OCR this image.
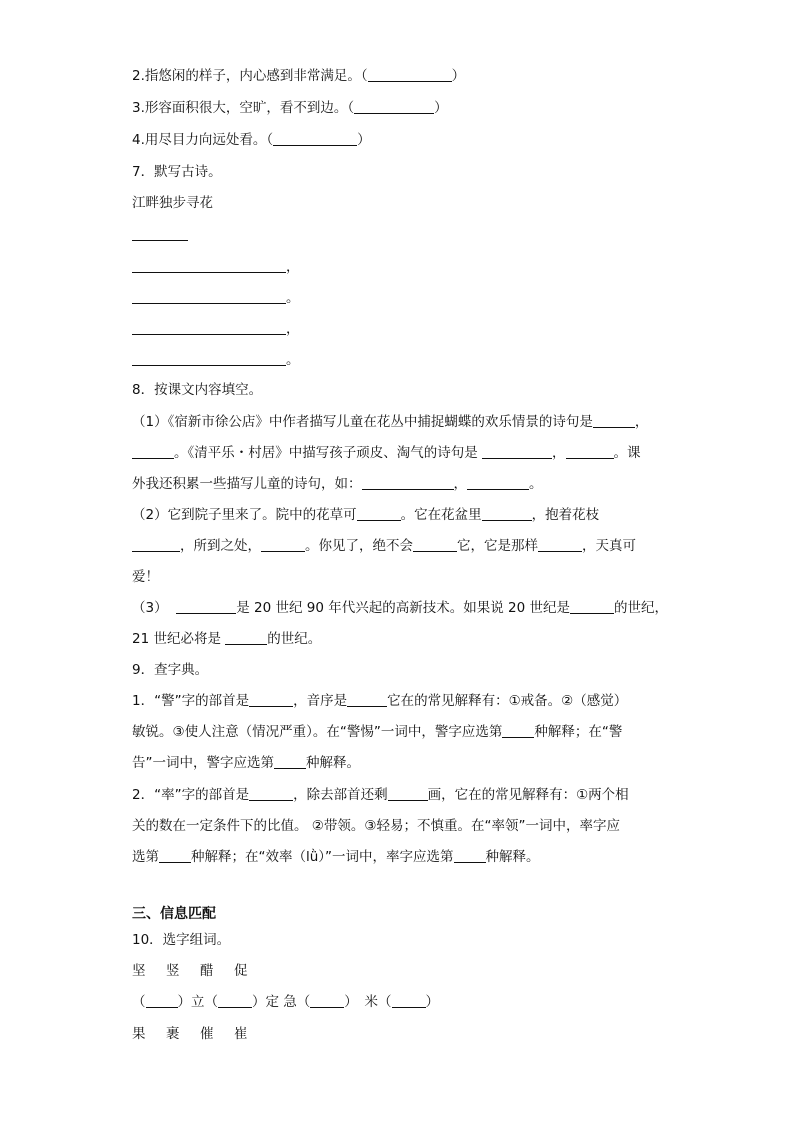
2.指悠闲的样子，内心感到非常满足。（	）
3.形容面积很大，空旷，看不到边。（	）
4.用尽目力向远处看。（	）
7．默写古诗。
江畔独步寻花
，
。
，
。
8．按课文内容填空。
（1）《宿新市徐公店》中作者描写儿童在花丛中捕捉蝴蝶的欢乐情景的诗句是	，
。《清平乐・村居》中描写孩子顽皮、淘气的诗句是	，	。课
外我还积累一些描写儿童的诗句，如：	，	。
（2）它到院子里来了。院中的花草可	。它在花盆里	，抱着花枝
，所到之处，	。你见了，绝不会	它，它是那样	，天真可
爱！
（3）	是 20 世纪 90 年代兴起的高新技术。如果说 20 世纪是	的世纪，
21 世纪必将是	的世纪。
9．查字典。
1．“警”字的部首是	，音序是	它在的常见解释有：①戒备。②（感觉）
敏锐。③使人注意（情况严重）。在“警惕”一词中，警字应选第 种解释；在“警
告”一词中，警字应选第 种解释。
2．“率”字的部首是	，除去部首还剩	画，它在的常见解释有：①两个相
关的数在一定条件下的比值。 ②带领。③轻易；不慎重。在“率领”一词中，率字应
选第 种解释；在“效率（lǜ）”一词中，率字应选第 种解释。
三、信息匹配
10．选字组词。
坚 竖 醋 促
（ ）立（	）定 急（	）　米（	）
果 裹 催 崔
